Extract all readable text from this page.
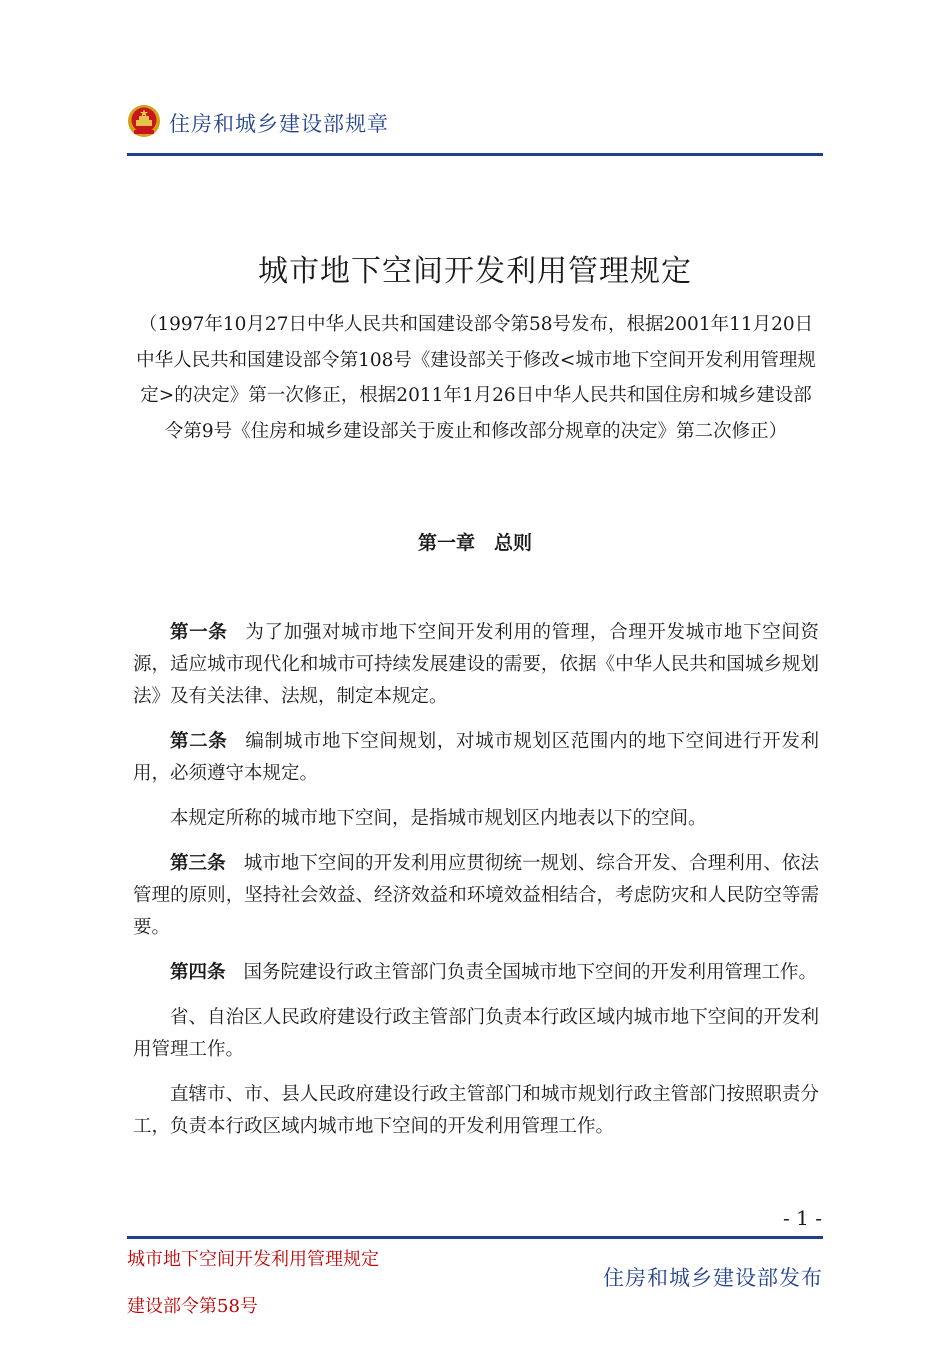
住房和城乡建设部规章
城市地下空间开发利用管理规定
（1997年10月27日中华人民共和国建设部令第58号发布，根据2001年11月20日中华人民共和国建设部令第108号《建设部关于修改<城市地下空间开发利用管理规定>的决定》第一次修正，根据2011年1月26日中华人民共和国住房和城乡建设部令第9号《住房和城乡建设部关于废止和修改部分规章的决定》第二次修正）
第一章　总则

第一条 为了加强对城市地下空间开发利用的管理，合理开发城市地下空间资源，适应城市现代化和城市可持续发展建设的需要，依据《中华人民共和国城乡规划法》及有关法律、法规，制定本规定。

第二条 编制城市地下空间规划，对城市规划区范围内的地下空间进行开发利用，必须遵守本规定。

本规定所称的城市地下空间，是指城市规划区内地表以下的空间。

第三条 城市地下空间的开发利用应贯彻统一规划、综合开发、合理利用、依法管理的原则，坚持社会效益、经济效益和环境效益相结合，考虑防灾和人民防空等需要。

第四条 国务院建设行政主管部门负责全国城市地下空间的开发利用管理工作。

省、自治区人民政府建设行政主管部门负责本行政区域内城市地下空间的开发利用管理工作。

直辖市、市、县人民政府建设行政主管部门和城市规划行政主管部门按照职责分工，负责本行政区域内城市地下空间的开发利用管理工作。

- 1 -
城市地下空间开发利用管理规定
建设部令第58号
住房和城乡建设部发布
